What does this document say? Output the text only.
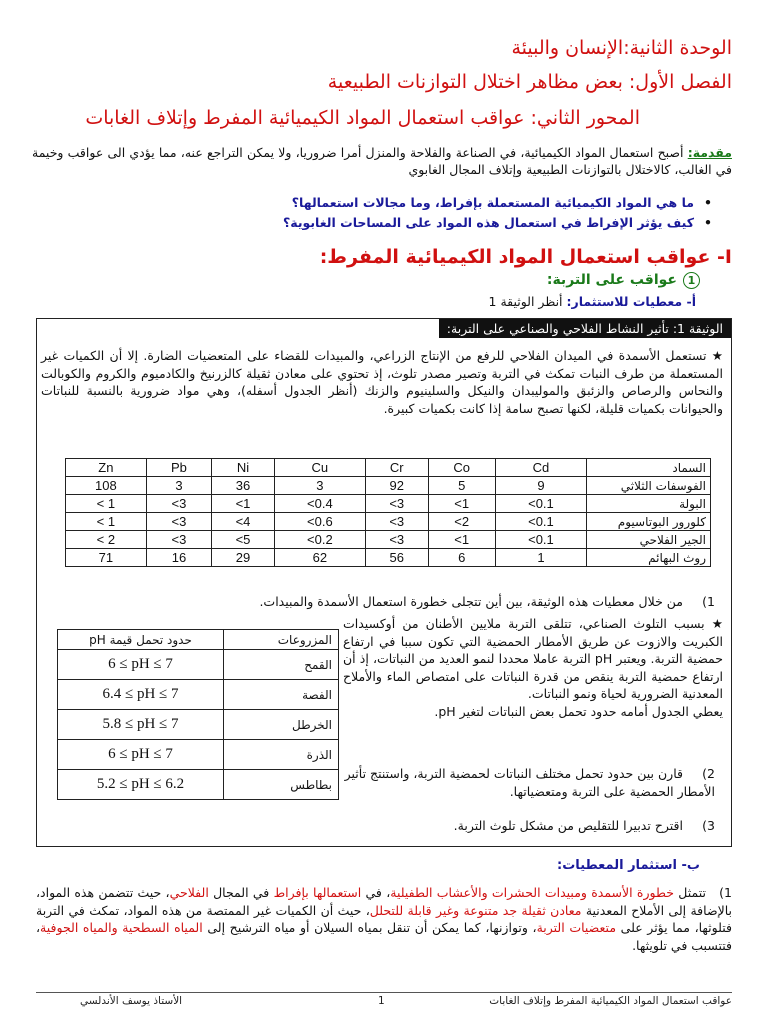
الوحدة الثانية:الإنسان والبيئة
الفصل الأول: بعض مظاهر اختلال التوازنات الطبيعية
المحور الثاني: عواقب استعمال المواد الكيميائية المفرط وإتلاف الغابات
مقدمة: أصبح استعمال المواد الكيميائية، في الصناعة والفلاحة والمنزل أمرا ضروريا، ولا يمكن التراجع عنه، مما يؤدي الى عواقب وخيمة في الغالب، كالاختلال بالتوازنات الطبيعية وإتلاف المجال الغابوي
• ما هي المواد الكيميائية المستعملة بإفراط، وما مجالات استعمالها؟
• كيف يؤثر الإفراط في استعمال هذه المواد على المساحات الغابوية؟
I- عواقب استعمال المواد الكيميائية المفرط:
1عواقب على التربة:
أ- معطيات للاستثمار: أنظر الوثيقة 1
الوثيقة 1: تأثير النشاط الفلاحي والصناعي على التربة:
★ تستعمل الأسمدة في الميدان الفلاحي للرفع من الإنتاج الزراعي، والمبيدات للقضاء على المتعضيات الضارة. إلا أن الكميات غير المستعملة من طرف النبات تمكث في التربة وتصير مصدر تلوث، إذ تحتوي على معادن ثقيلة كالزرنيخ والكادميوم والكروم والكوبالت والنحاس والرصاص والزئبق والموليبدان والنيكل والسلينيوم والزنك (أنظر الجدول أسفله)، وهي مواد ضرورية بالنسبة للنباتات والحيوانات بكميات قليلة، لكنها تصبح سامة إذا كانت بكميات كبيرة.
السماد	Cd	Co	Cr	Cu	Ni	Pb	Zn
الفوسفات الثلاثي	9	5	92	3	36	3	108
البولة	<0.1	<1	<3	<0.4	<1	<3	< 1
كلورور البوتاسيوم	<0.1	<2	<3	<0.6	<4	<3	< 1
الجير الفلاحي	<0.1	<1	<3	<0.2	<5	<3	< 2
روث البهائم	1	6	56	62	29	16	71
1)من خلال معطيات هذه الوثيقة، بين أين تتجلى خطورة استعمال الأسمدة والمبيدات.
★ بسبب التلوث الصناعي، تتلقى التربة ملايين الأطنان من أوكسيدات الكبريت والازوت عن طريق الأمطار الحمضية التي تكون سببا في ارتفاع حمضية التربة. ويعتبر pH التربة عاملا محددا لنمو العديد من النباتات، إذ أن ارتفاع حمضية التربة ينقص من قدرة النباتات على امتصاص الماء والأملاح المعدنية الضرورية لحياة ونمو النباتات.
يعطي الجدول أمامه حدود تحمل بعض النباتات لتغير pH.
المزروعات	حدود تحمل قيمة pH
القمح	6 ≤ pH ≤ 7
الفصة	6.4 ≤ pH ≤ 7
الخرطل	5.8 ≤ pH ≤ 7
الذرة	6 ≤ pH ≤ 7
بطاطس	5.2 ≤ pH ≤ 6.2
2)قارن بين حدود تحمل مختلف النباتات لحمضية التربة، واستنتج تأثير الأمطار الحمضية على التربة ومتعضياتها.
3)اقترح تدبيرا للتقليص من مشكل تلوث التربة.
ب- استثمار المعطيات:
1)
تتمثل خطورة الأسمدة ومبيدات الحشرات والأعشاب الطفيلية، في استعمالها بإفراط في المجال الفلاحي، حيث تتضمن هذه المواد، بالإضافة إلى الأملاح المعدنية معادن ثقيلة جد متنوعة وغير قابلة للتحلل، حيث أن الكميات غير الممتصة من هذه المواد، تمكث في التربة فتلوثها، مما يؤثر على متعضيات التربة، وتوازنها، كما يمكن أن تنقل بمياه السيلان أو مياه الترشيح إلى المياه السطحية والمياه الجوفية، فتتسبب في تلويثها.
عواقب استعمال المواد الكيميائية المفرط وإتلاف الغابات
1
الأستاذ يوسف الأندلسي
